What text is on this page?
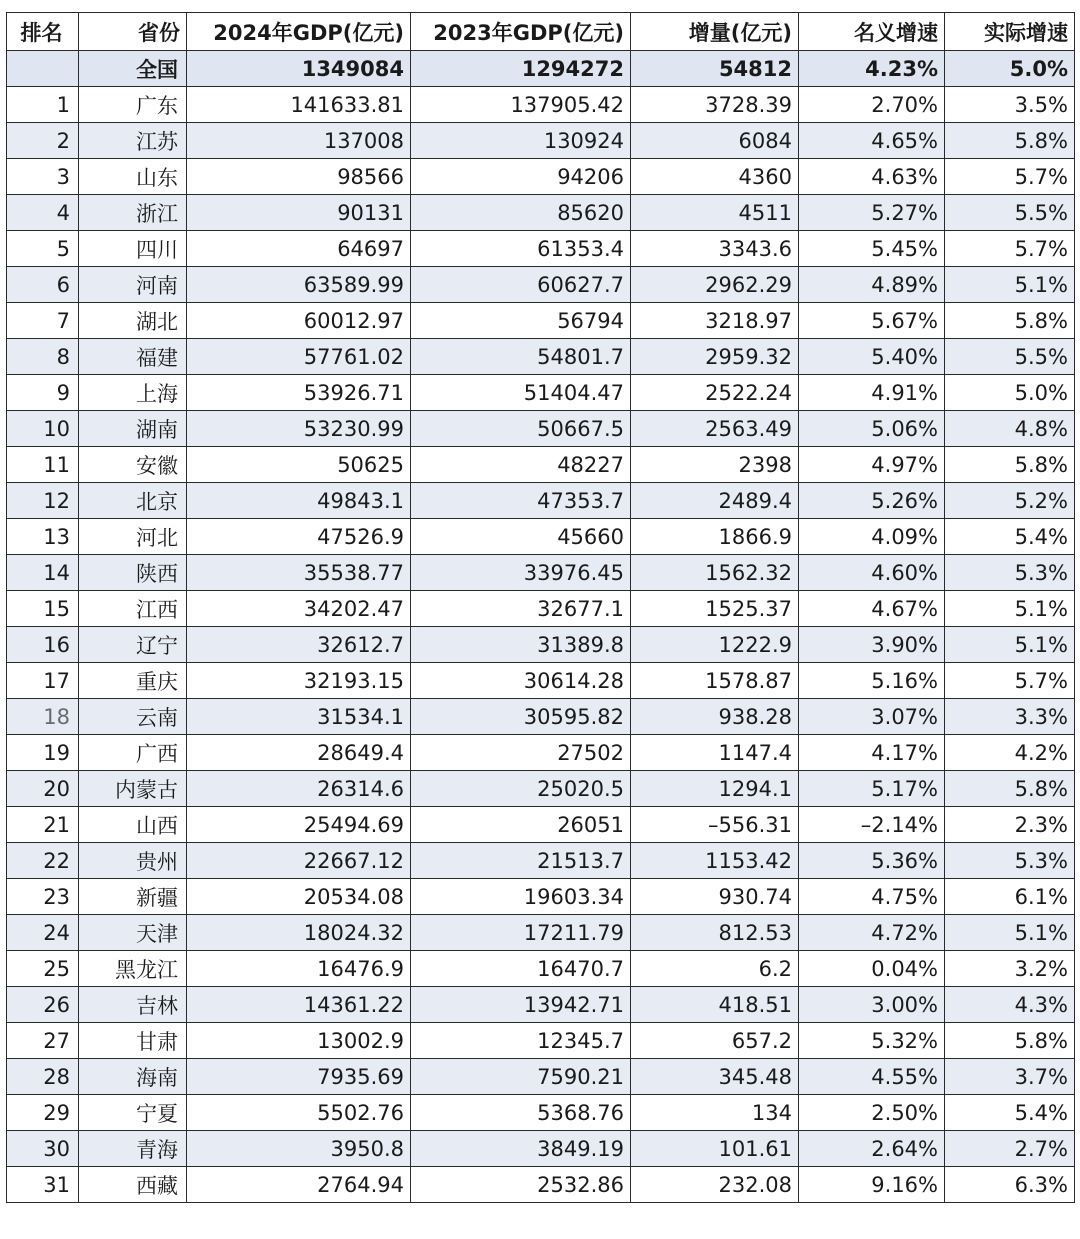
排名	省份	2024年GDP(亿元)	2023年GDP(亿元)	增量(亿元)	名义增速	实际增速
	全国	1349084	1294272	54812	4.23%	5.0%
1	广东	141633.81	137905.42	3728.39	2.70%	3.5%
2	江苏	137008	130924	6084	4.65%	5.8%
3	山东	98566	94206	4360	4.63%	5.7%
4	浙江	90131	85620	4511	5.27%	5.5%
5	四川	64697	61353.4	3343.6	5.45%	5.7%
6	河南	63589.99	60627.7	2962.29	4.89%	5.1%
7	湖北	60012.97	56794	3218.97	5.67%	5.8%
8	福建	57761.02	54801.7	2959.32	5.40%	5.5%
9	上海	53926.71	51404.47	2522.24	4.91%	5.0%
10	湖南	53230.99	50667.5	2563.49	5.06%	4.8%
11	安徽	50625	48227	2398	4.97%	5.8%
12	北京	49843.1	47353.7	2489.4	5.26%	5.2%
13	河北	47526.9	45660	1866.9	4.09%	5.4%
14	陕西	35538.77	33976.45	1562.32	4.60%	5.3%
15	江西	34202.47	32677.1	1525.37	4.67%	5.1%
16	辽宁	32612.7	31389.8	1222.9	3.90%	5.1%
17	重庆	32193.15	30614.28	1578.87	5.16%	5.7%
18	云南	31534.1	30595.82	938.28	3.07%	3.3%
19	广西	28649.4	27502	1147.4	4.17%	4.2%
20	内蒙古	26314.6	25020.5	1294.1	5.17%	5.8%
21	山西	25494.69	26051	–556.31	–2.14%	2.3%
22	贵州	22667.12	21513.7	1153.42	5.36%	5.3%
23	新疆	20534.08	19603.34	930.74	4.75%	6.1%
24	天津	18024.32	17211.79	812.53	4.72%	5.1%
25	黑龙江	16476.9	16470.7	6.2	0.04%	3.2%
26	吉林	14361.22	13942.71	418.51	3.00%	4.3%
27	甘肃	13002.9	12345.7	657.2	5.32%	5.8%
28	海南	7935.69	7590.21	345.48	4.55%	3.7%
29	宁夏	5502.76	5368.76	134	2.50%	5.4%
30	青海	3950.8	3849.19	101.61	2.64%	2.7%
31	西藏	2764.94	2532.86	232.08	9.16%	6.3%
